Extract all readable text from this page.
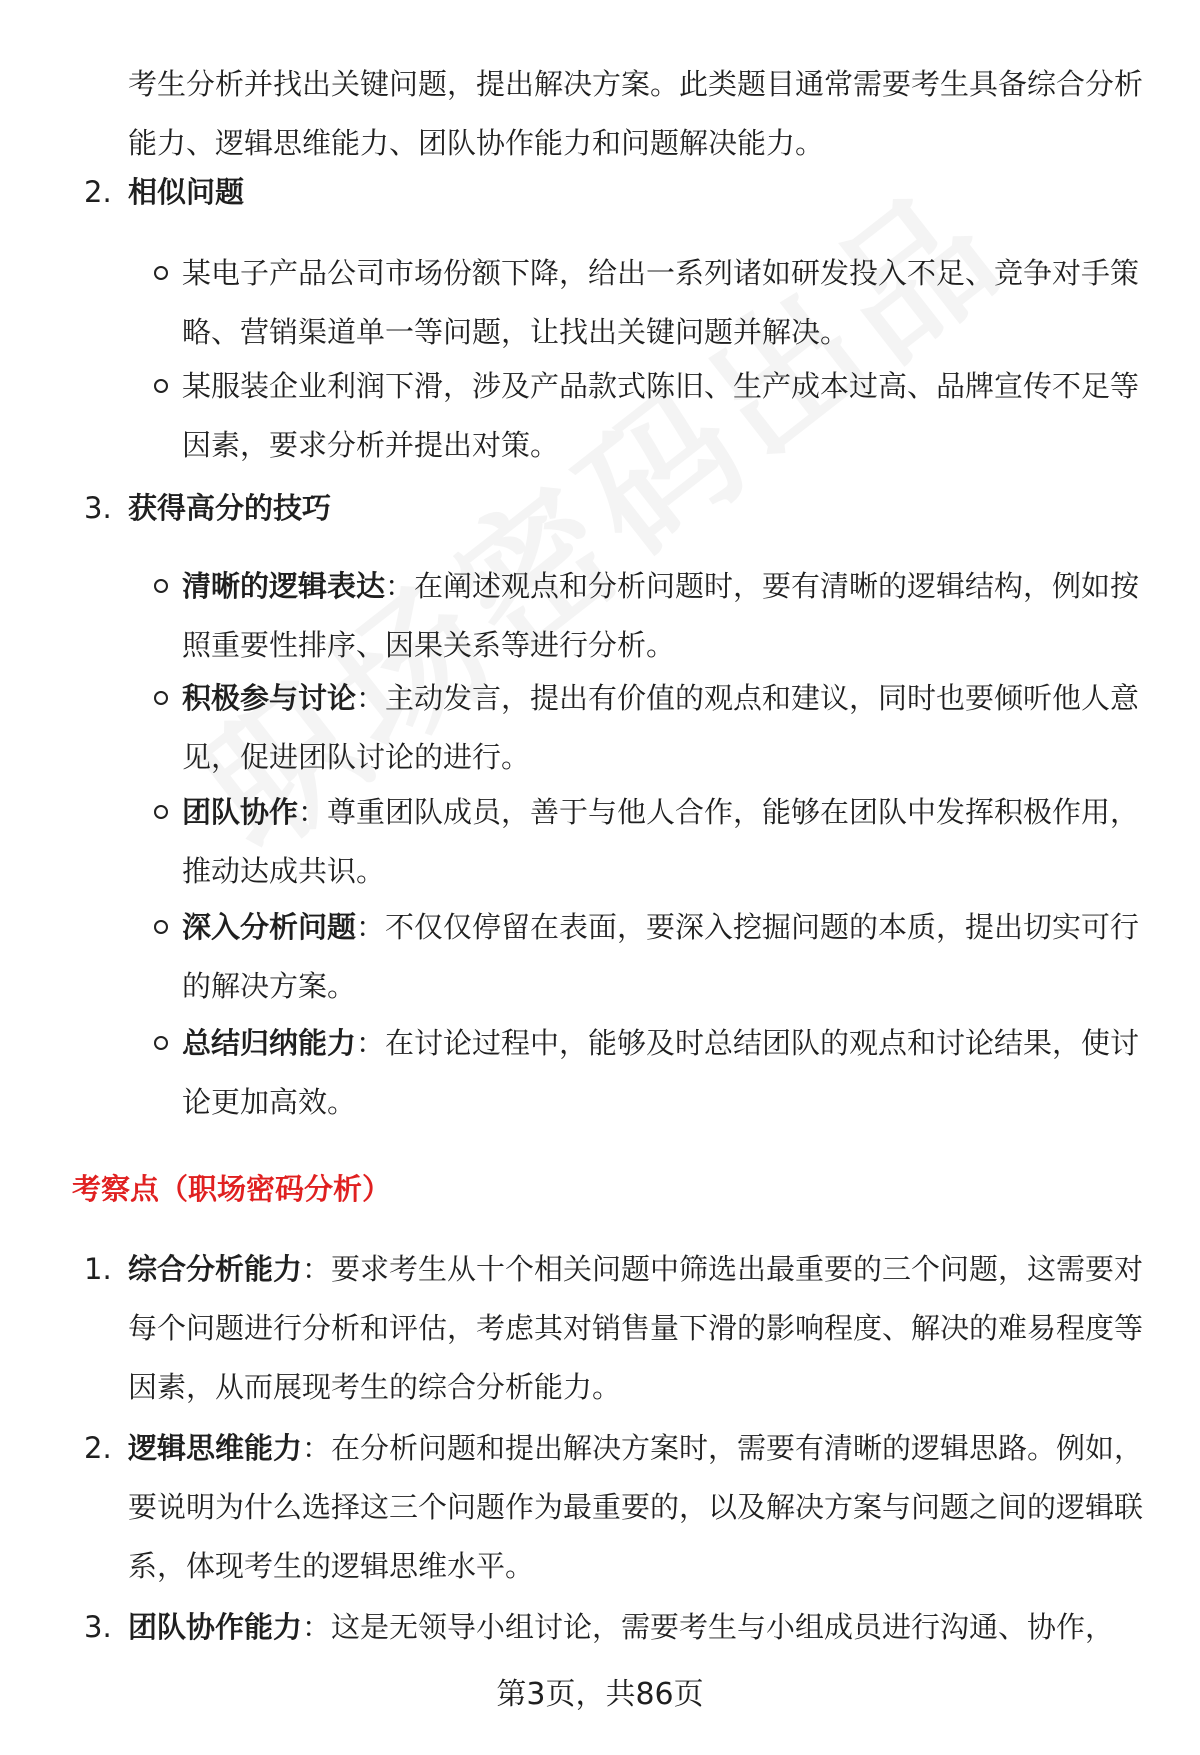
考生分析并找出关键问题，提出解决方案。此类题目通常需要考生具备综合分析能力、逻辑思维能力、团队协作能力和问题解决能力。
2. 相似问题
某电子产品公司市场份额下降，给出一系列诸如研发投入不足、竞争对手策略、营销渠道单一等问题，让找出关键问题并解决。
某服装企业利润下滑，涉及产品款式陈旧、生产成本过高、品牌宣传不足等因素，要求分析并提出对策。
3. 获得高分的技巧
清晰的逻辑表达：在阐述观点和分析问题时，要有清晰的逻辑结构，例如按照重要性排序、因果关系等进行分析。
积极参与讨论：主动发言，提出有价值的观点和建议，同时也要倾听他人意见，促进团队讨论的进行。
团队协作：尊重团队成员，善于与他人合作，能够在团队中发挥积极作用，推动达成共识。
深入分析问题：不仅仅停留在表面，要深入挖掘问题的本质，提出切实可行的解决方案。
总结归纳能力：在讨论过程中，能够及时总结团队的观点和讨论结果，使讨论更加高效。
考察点（职场密码分析）
1. 综合分析能力：要求考生从十个相关问题中筛选出最重要的三个问题，这需要对每个问题进行分析和评估，考虑其对销售量下滑的影响程度、解决的难易程度等因素，从而展现考生的综合分析能力。
2. 逻辑思维能力：在分析问题和提出解决方案时，需要有清晰的逻辑思路。例如，要说明为什么选择这三个问题作为最重要的，以及解决方案与问题之间的逻辑联系，体现考生的逻辑思维水平。
3. 团队协作能力：这是无领导小组讨论，需要考生与小组成员进行沟通、协作，
第3页，共86页
